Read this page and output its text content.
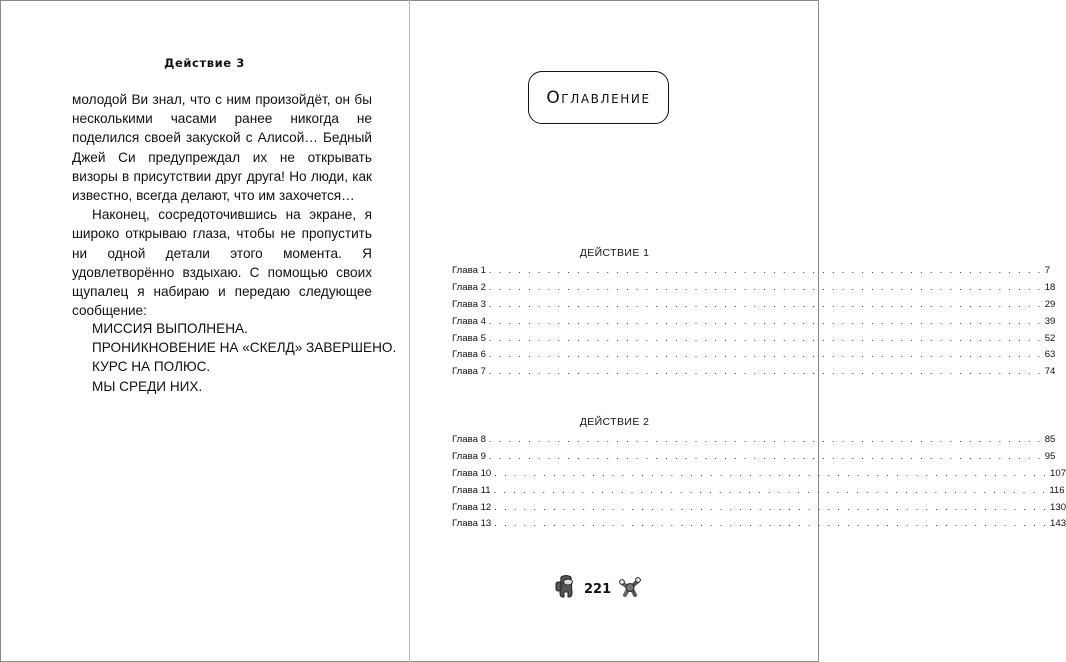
Действие 3

молодой Ви знал, что с ним произойдёт, он бы несколькими часами ранее никогда не поделился своей закуской с Алисой… Бедный Джей Си предупреждал их не открывать визоры в присутствии друг друга! Но люди, как известно, всегда делают, что им захочется…

Наконец, сосредоточившись на экране, я широко открываю глаза, чтобы не пропустить ни одной детали этого момента. Я удовлетворённо вздыхаю. С помощью своих щупалец я набираю и передаю следующее сообщение:

МИССИЯ ВЫПОЛНЕНА.
ПРОНИКНОВЕНИЕ НА «СКЕЛД» ЗАВЕРШЕНО.
КУРС НА ПОЛЮС.
МЫ СРЕДИ НИХ.
Оглавление
ДЕЙСТВИЕ 1
Глава 1 . . . . . . . . . . . . . . . . . . . . . . . . . . . . . . . . . . . . . . . . . . . . . . . . . . . . . . . . . 7
Глава 2 . . . . . . . . . . . . . . . . . . . . . . . . . . . . . . . . . . . . . . . . . . . . . . . . . . . . . . . . . 18
Глава 3 . . . . . . . . . . . . . . . . . . . . . . . . . . . . . . . . . . . . . . . . . . . . . . . . . . . . . . . . . 29
Глава 4 . . . . . . . . . . . . . . . . . . . . . . . . . . . . . . . . . . . . . . . . . . . . . . . . . . . . . . . . . 39
Глава 5 . . . . . . . . . . . . . . . . . . . . . . . . . . . . . . . . . . . . . . . . . . . . . . . . . . . . . . . . . 52
Глава 6 . . . . . . . . . . . . . . . . . . . . . . . . . . . . . . . . . . . . . . . . . . . . . . . . . . . . . . . . . 63
Глава 7 . . . . . . . . . . . . . . . . . . . . . . . . . . . . . . . . . . . . . . . . . . . . . . . . . . . . . . . . . 74
ДЕЙСТВИЕ 2
Глава 8 . . . . . . . . . . . . . . . . . . . . . . . . . . . . . . . . . . . . . . . . . . . . . . . . . . . . . . . . . 85
Глава 9 . . . . . . . . . . . . . . . . . . . . . . . . . . . . . . . . . . . . . . . . . . . . . . . . . . . . . . . . . 95
Глава 10 . . . . . . . . . . . . . . . . . . . . . . . . . . . . . . . . . . . . . . . . . . . . . . . . . . . . . . . . . 107
Глава 11 . . . . . . . . . . . . . . . . . . . . . . . . . . . . . . . . . . . . . . . . . . . . . . . . . . . . . . . . . 116
Глава 12 . . . . . . . . . . . . . . . . . . . . . . . . . . . . . . . . . . . . . . . . . . . . . . . . . . . . . . . . . 130
Глава 13 . . . . . . . . . . . . . . . . . . . . . . . . . . . . . . . . . . . . . . . . . . . . . . . . . . . . . . . . . 143
221
